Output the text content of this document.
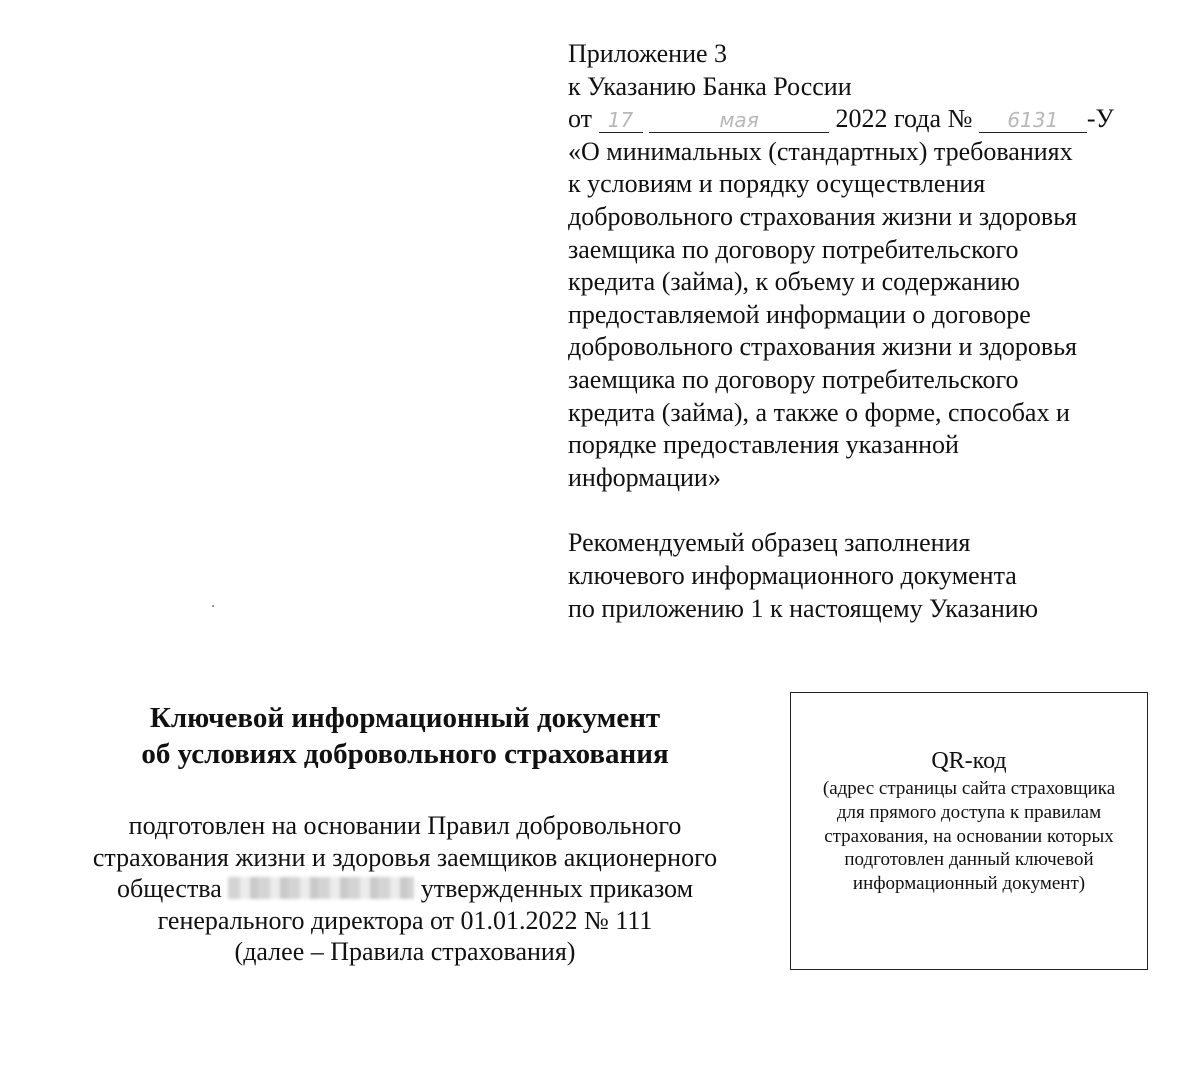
Приложение 3
к Указанию Банка России
от 17	мая	2022 года № 6131 -У
«О минимальных (стандартных) требованиях
к условиям и порядку осуществления
добровольного страхования жизни и здоровья
заемщика по договору потребительского
кредита (займа), к объему и содержанию
предоставляемой информации о договоре
добровольного страхования жизни и здоровья
заемщика по договору потребительского
кредита (займа), а также о форме, способах и
порядке предоставления указанной
информации»
Рекомендуемый образец заполнения
ключевого информационного документа
по приложению 1 к настоящему Указанию
Ключевой информационный документ
об условиях добровольного страхования
подготовлен на основании Правил добровольного
страхования жизни и здоровья заемщиков акционерного
общества	утвержденных приказом
генерального директора от 01.01.2022 № 111
(далее – Правила страхования)
QR-код
(адрес страницы сайта страховщика для прямого доступа к правилам страхования, на основании которых подготовлен данный ключевой информационный документ)
